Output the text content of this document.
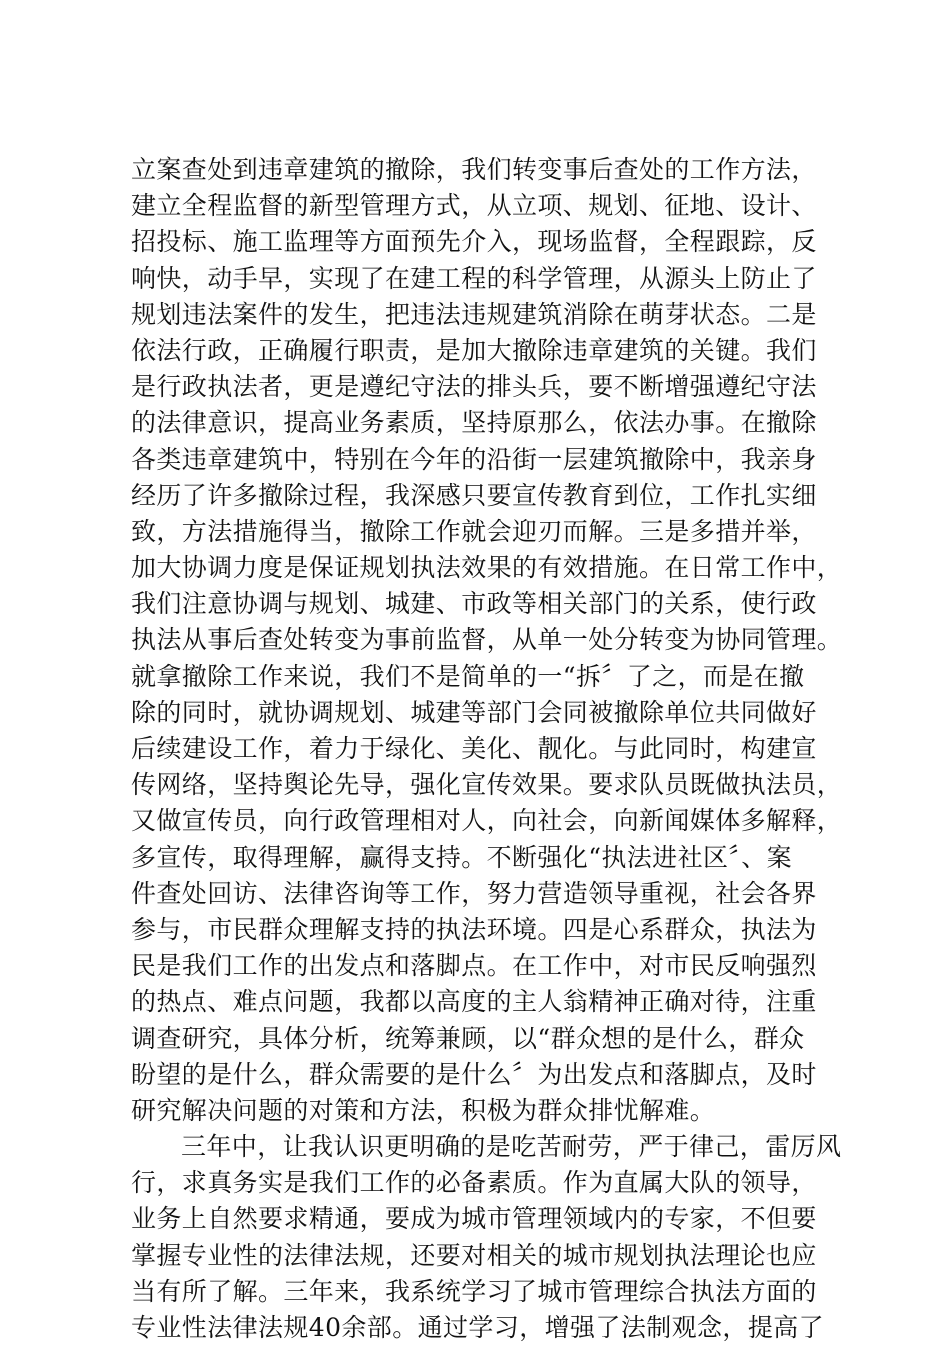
立案查处到违章建筑的撤除，我们转变事后查处的工作方法，
建立全程监督的新型管理方式，从立项、规划、征地、设计、
招投标、施工监理等方面预先介入，现场监督，全程跟踪，反
响快，动手早，实现了在建工程的科学管理，从源头上防止了
规划违法案件的发生，把违法违规建筑消除在萌芽状态。二是
依法行政，正确履行职责，是加大撤除违章建筑的关键。我们
是行政执法者，更是遵纪守法的排头兵，要不断增强遵纪守法
的法律意识，提高业务素质，坚持原那么，依法办事。在撤除
各类违章建筑中，特别在今年的沿街一层建筑撤除中，我亲身
经历了许多撤除过程，我深感只要宣传教育到位，工作扎实细
致，方法措施得当，撤除工作就会迎刃而解。三是多措并举，
加大协调力度是保证规划执法效果的有效措施。在日常工作中，
我们注意协调与规划、城建、市政等相关部门的关系，使行政
执法从事后查处转变为事前监督，从单一处分转变为协同管理。
就拿撤除工作来说，我们不是简单的一“拆〞了之，而是在撤
除的同时，就协调规划、城建等部门会同被撤除单位共同做好
后续建设工作，着力于绿化、美化、靓化。与此同时，构建宣
传网络，坚持舆论先导，强化宣传效果。要求队员既做执法员，
又做宣传员，向行政管理相对人，向社会，向新闻媒体多解释，
多宣传，取得理解，赢得支持。不断强化“执法进社区〞、案
件查处回访、法律咨询等工作，努力营造领导重视，社会各界
参与，市民群众理解支持的执法环境。四是心系群众，执法为
民是我们工作的出发点和落脚点。在工作中，对市民反响强烈
的热点、难点问题，我都以高度的主人翁精神正确对待，注重
调查研究，具体分析，统筹兼顾，以“群众想的是什么，群众
盼望的是什么，群众需要的是什么〞为出发点和落脚点，及时
研究解决问题的对策和方法，积极为群众排忧解难。
三年中，让我认识更明确的是吃苦耐劳，严于律己，雷厉风
行，求真务实是我们工作的必备素质。作为直属大队的领导，
业务上自然要求精通，要成为城市管理领域内的专家，不但要
掌握专业性的法律法规，还要对相关的城市规划执法理论也应
当有所了解。三年来，我系统学习了城市管理综合执法方面的
专业性法律法规40余部。通过学习，增强了法制观念，提高了
